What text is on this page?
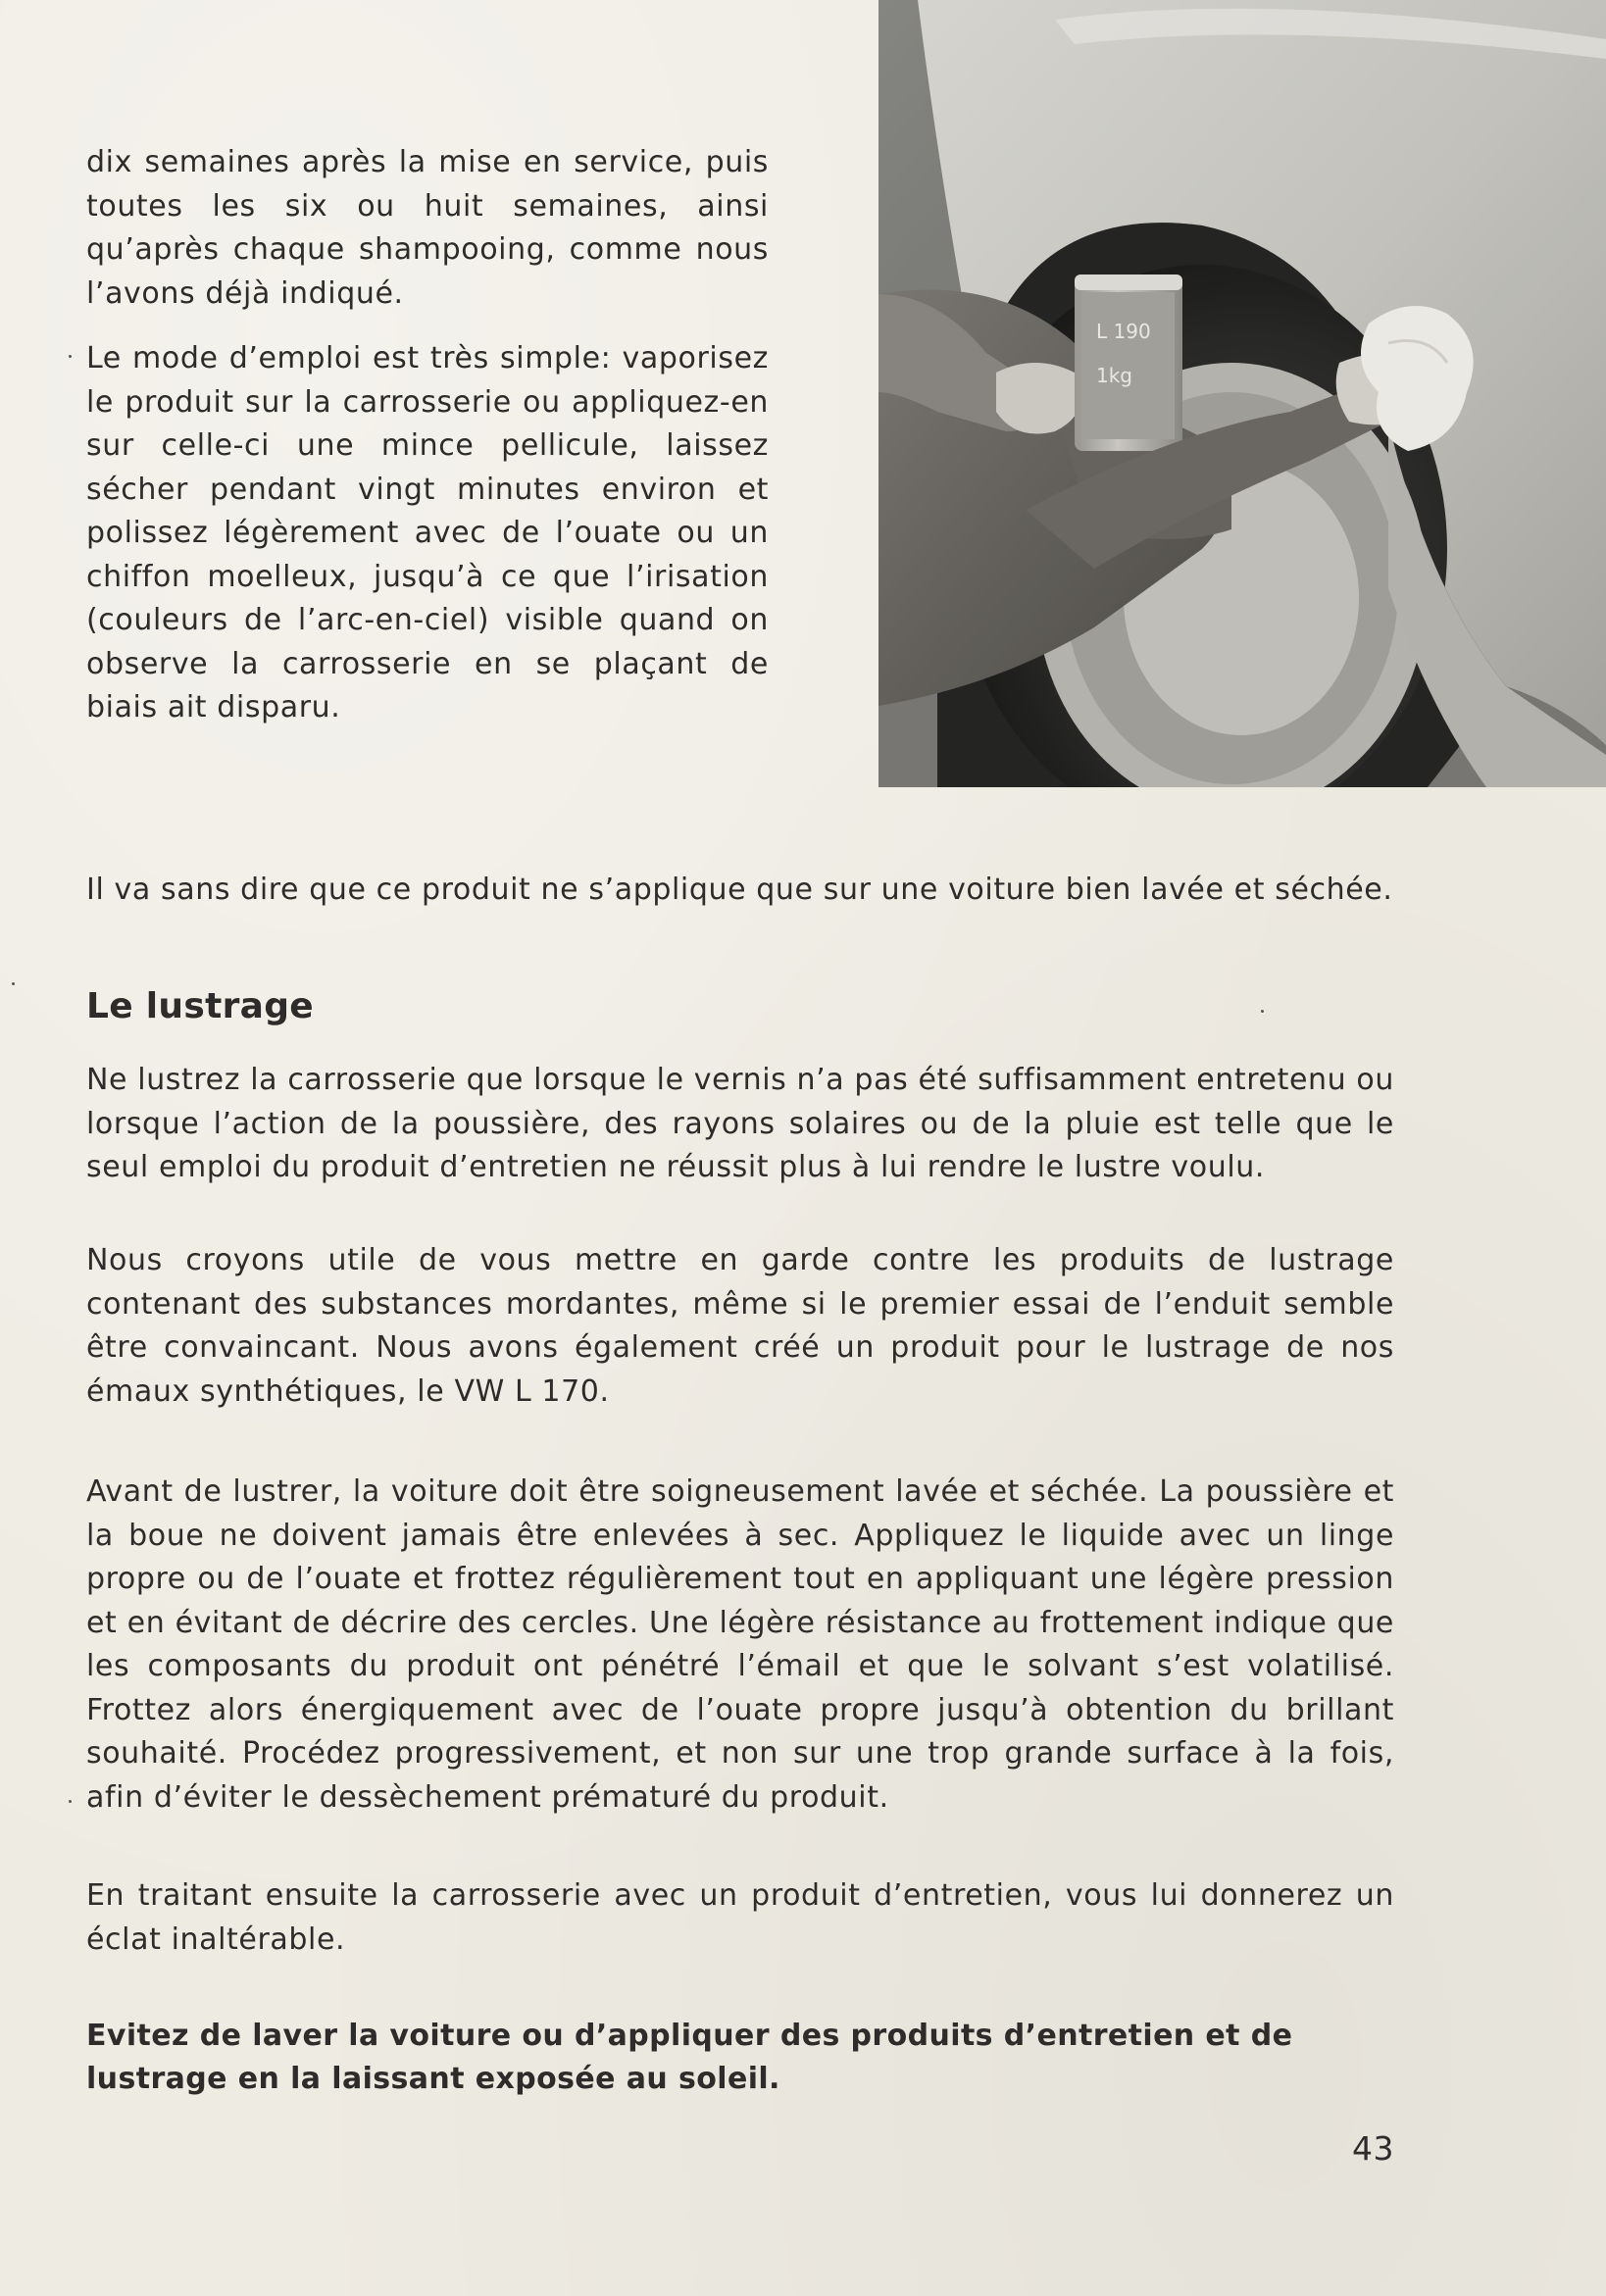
dix semaines après la mise en service, puis toutes les six ou huit semaines, ainsi qu’après chaque shampooing, comme nous l’avons déjà indiqué.

Le mode d’emploi est très simple: vaporisez le produit sur la carrosserie ou appliquez-en sur celle-ci une mince pellicule, laissez sécher pendant vingt minutes environ et polissez légèrement avec de l’ouate ou un chiffon moelleux, jusqu’à ce que l’irisation (couleurs de l’arc-en-ciel) visible quand on observe la carrosserie en se plaçant de biais ait disparu.

L 190
1kg

Il va sans dire que ce produit ne s’applique que sur une voiture bien lavée et séchée.

Le lustrage

Ne lustrez la carrosserie que lorsque le vernis n’a pas été suffisamment entretenu ou lorsque l’action de la poussière, des rayons solaires ou de la pluie est telle que le seul emploi du produit d’entretien ne réussit plus à lui rendre le lustre voulu.

Nous croyons utile de vous mettre en garde contre les produits de lustrage contenant des substances mordantes, même si le premier essai de l’enduit semble être convaincant. Nous avons également créé un produit pour le lustrage de nos émaux synthétiques, le VW L 170.

Avant de lustrer, la voiture doit être soigneusement lavée et séchée. La poussière et la boue ne doivent jamais être enlevées à sec. Appliquez le liquide avec un linge propre ou de l’ouate et frottez régulièrement tout en appliquant une légère pression et en évitant de décrire des cercles. Une légère résistance au frottement indique que les composants du produit ont pénétré l’émail et que le solvant s’est volatilisé. Frottez alors énergiquement avec de l’ouate propre jusqu’à obtention du brillant souhaité. Procédez progressivement, et non sur une trop grande surface à la fois, afin d’éviter le dessèchement prématuré du produit.

En traitant ensuite la carrosserie avec un produit d’entretien, vous lui donnerez un éclat inaltérable.

Evitez de laver la voiture ou d’appliquer des produits d’entretien et de lustrage en la laissant exposée au soleil.

43
